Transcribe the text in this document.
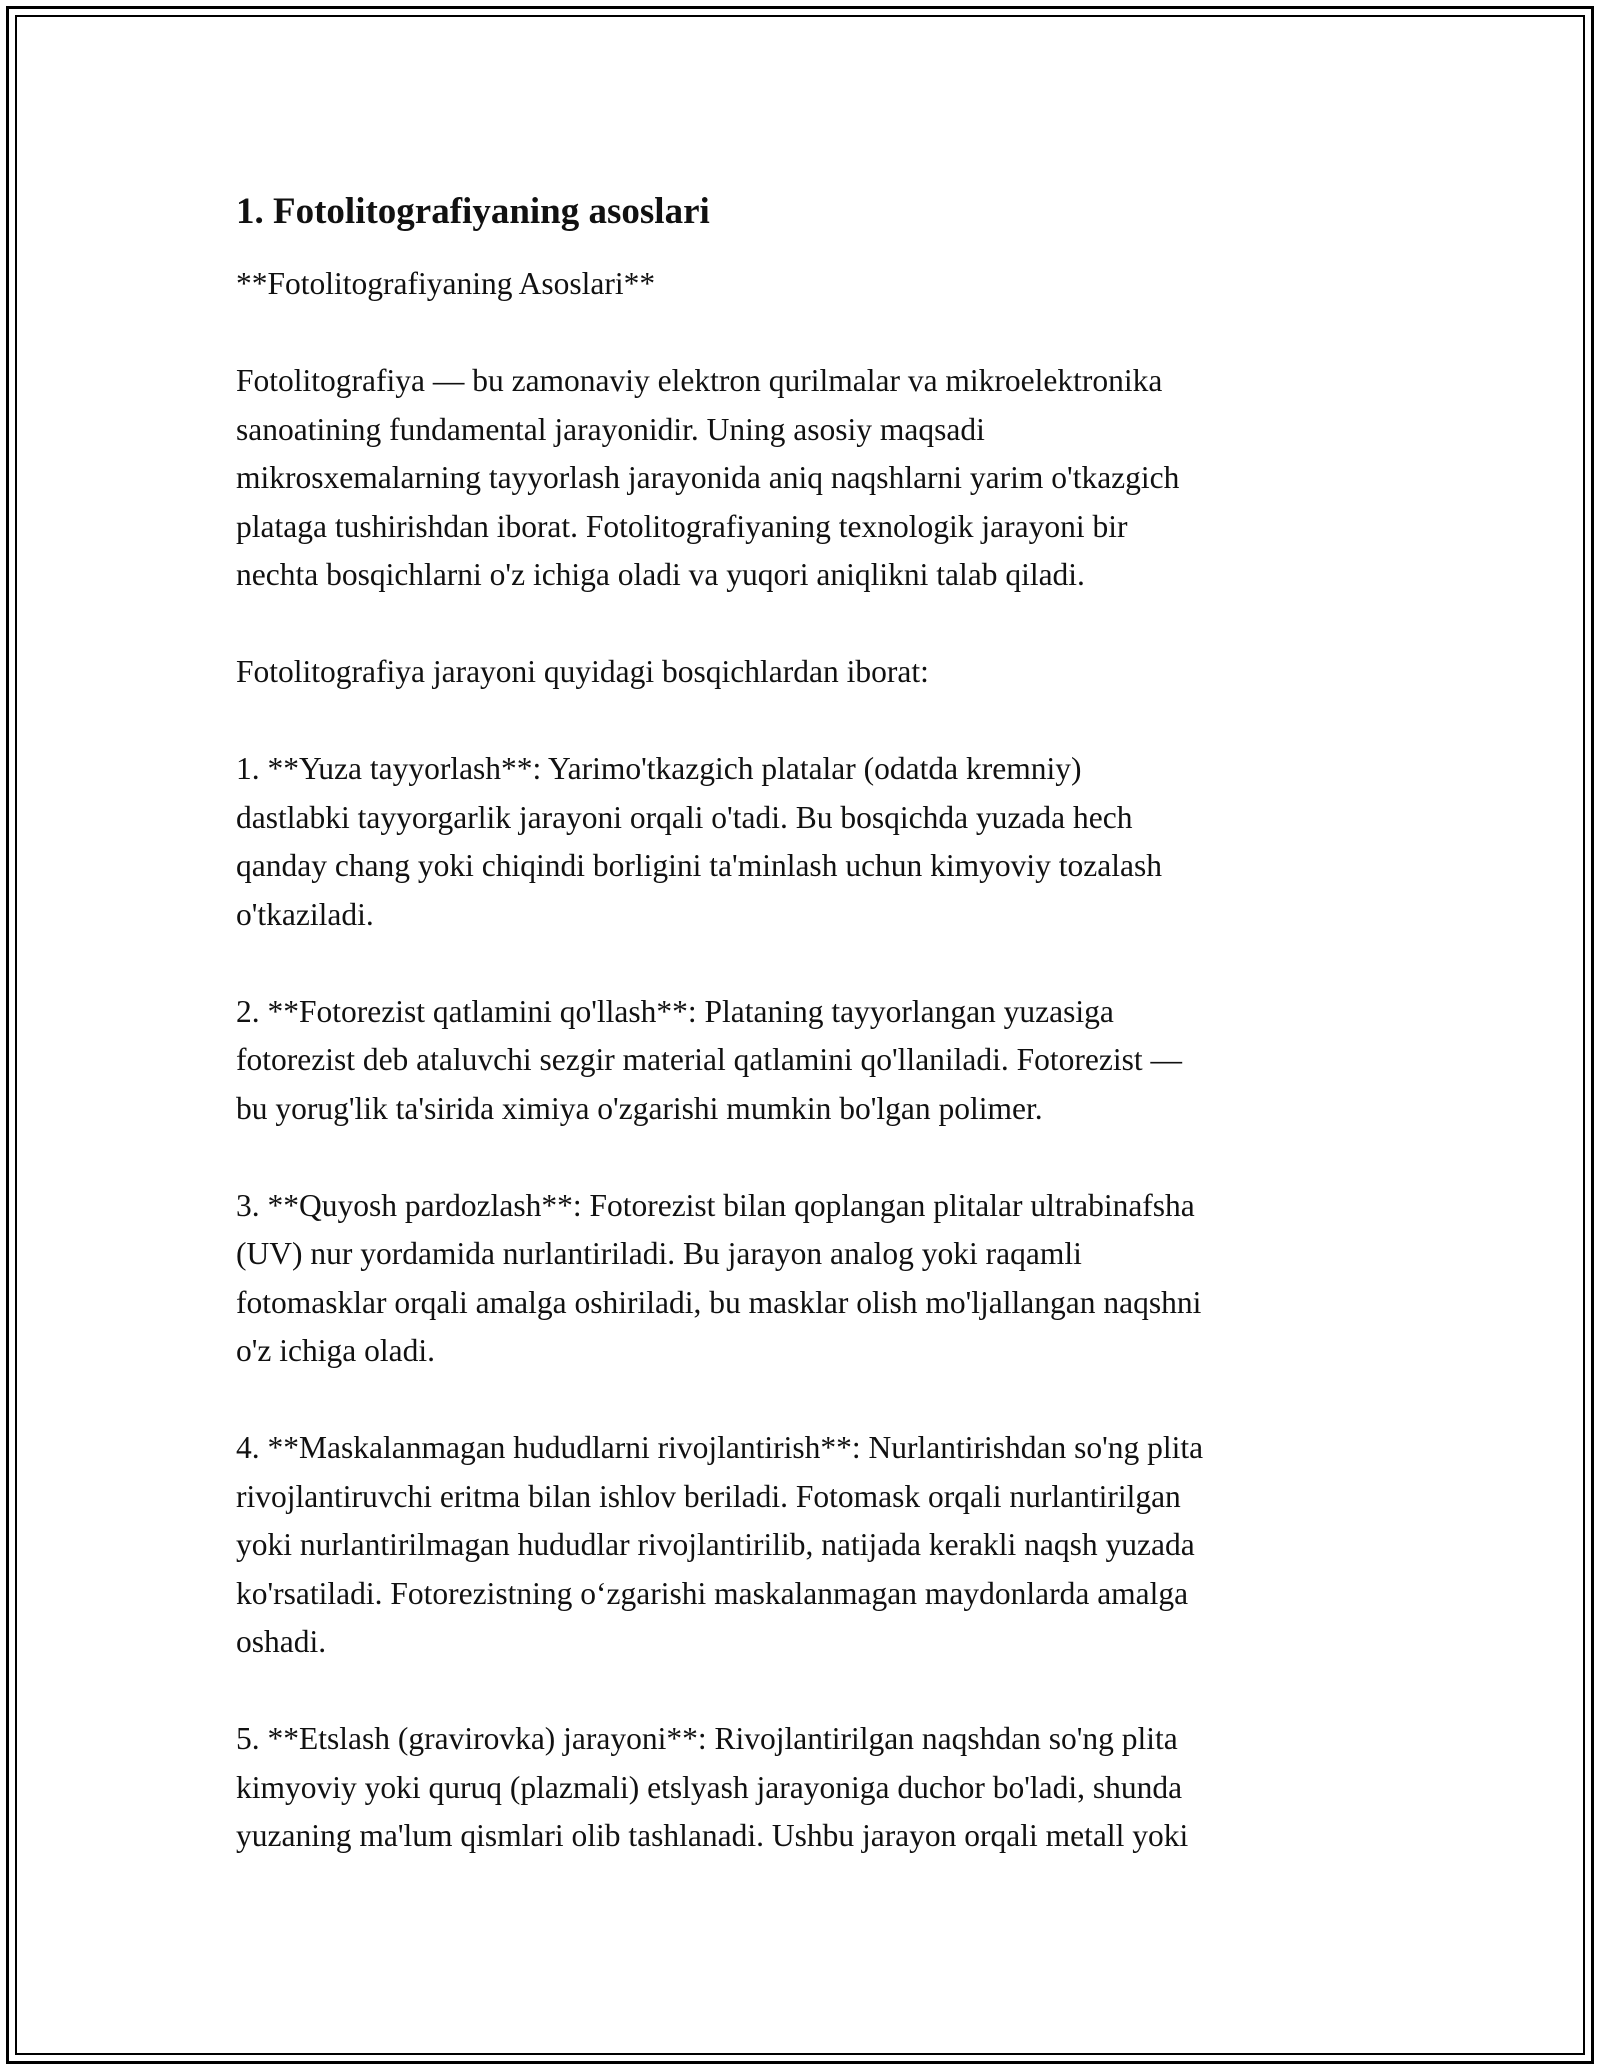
1. Fotolitografiyaning asoslari

**Fotolitografiyaning Asoslari**

Fotolitografiya — bu zamonaviy elektron qurilmalar va mikroelektronika
sanoatining fundamental jarayonidir. Uning asosiy maqsadi
mikrosxemalarning tayyorlash jarayonida aniq naqshlarni yarim o'tkazgich
plataga tushirishdan iborat. Fotolitografiyaning texnologik jarayoni bir
nechta bosqichlarni o'z ichiga oladi va yuqori aniqlikni talab qiladi.

Fotolitografiya jarayoni quyidagi bosqichlardan iborat:

1. **Yuza tayyorlash**: Yarimo'tkazgich platalar (odatda kremniy)
dastlabki tayyorgarlik jarayoni orqali o'tadi. Bu bosqichda yuzada hech
qanday chang yoki chiqindi borligini ta'minlash uchun kimyoviy tozalash
o'tkaziladi.

2. **Fotorezist qatlamini qo'llash**: Plataning tayyorlangan yuzasiga
fotorezist deb ataluvchi sezgir material qatlamini qo'llaniladi. Fotorezist —
bu yorug'lik ta'sirida ximiya o'zgarishi mumkin bo'lgan polimer.

3. **Quyosh pardozlash**: Fotorezist bilan qoplangan plitalar ultrabinafsha
(UV) nur yordamida nurlantiriladi. Bu jarayon analog yoki raqamli
fotomasklar orqali amalga oshiriladi, bu masklar olish mo'ljallangan naqshni
o'z ichiga oladi.

4. **Maskalanmagan hududlarni rivojlantirish**: Nurlantirishdan so'ng plita
rivojlantiruvchi eritma bilan ishlov beriladi. Fotomask orqali nurlantirilgan
yoki nurlantirilmagan hududlar rivojlantirilib, natijada kerakli naqsh yuzada
ko'rsatiladi. Fotorezistning o‘zgarishi maskalanmagan maydonlarda amalga
oshadi.

5. **Etslash (gravirovka) jarayoni**: Rivojlantirilgan naqshdan so'ng plita
kimyoviy yoki quruq (plazmali) etslyash jarayoniga duchor bo'ladi, shunda
yuzaning ma'lum qismlari olib tashlanadi. Ushbu jarayon orqali metall yoki
